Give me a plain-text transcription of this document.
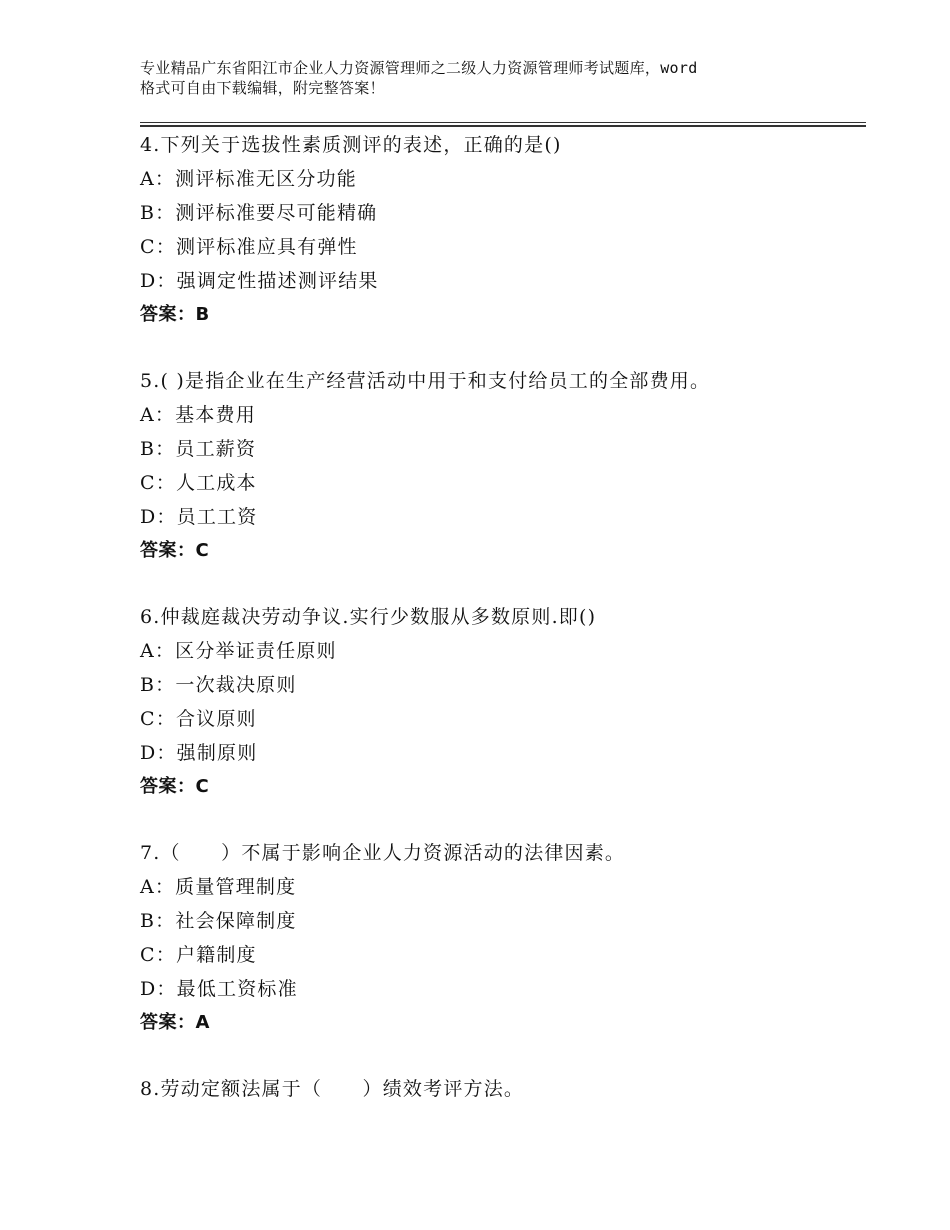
专业精品广东省阳江市企业人力资源管理师之二级人力资源管理师考试题库，word
格式可自由下载编辑，附完整答案！
4.下列关于选拔性素质测评的表述，正确的是()
A：测评标准无区分功能
B：测评标准要尽可能精确
C：测评标准应具有弹性
D：强调定性描述测评结果
答案：B
5.( )是指企业在生产经营活动中用于和支付给员工的全部费用。
A：基本费用
B：员工薪资
C：人工成本
D：员工工资
答案：C
6.仲裁庭裁决劳动争议.实行少数服从多数原则.即()
A：区分举证责任原则
B：一次裁决原则
C：合议原则
D：强制原则
答案：C
7.（　　）不属于影响企业人力资源活动的法律因素。
A：质量管理制度
B：社会保障制度
C：户籍制度
D：最低工资标准
答案：A
8.劳动定额法属于（　　）绩效考评方法。
